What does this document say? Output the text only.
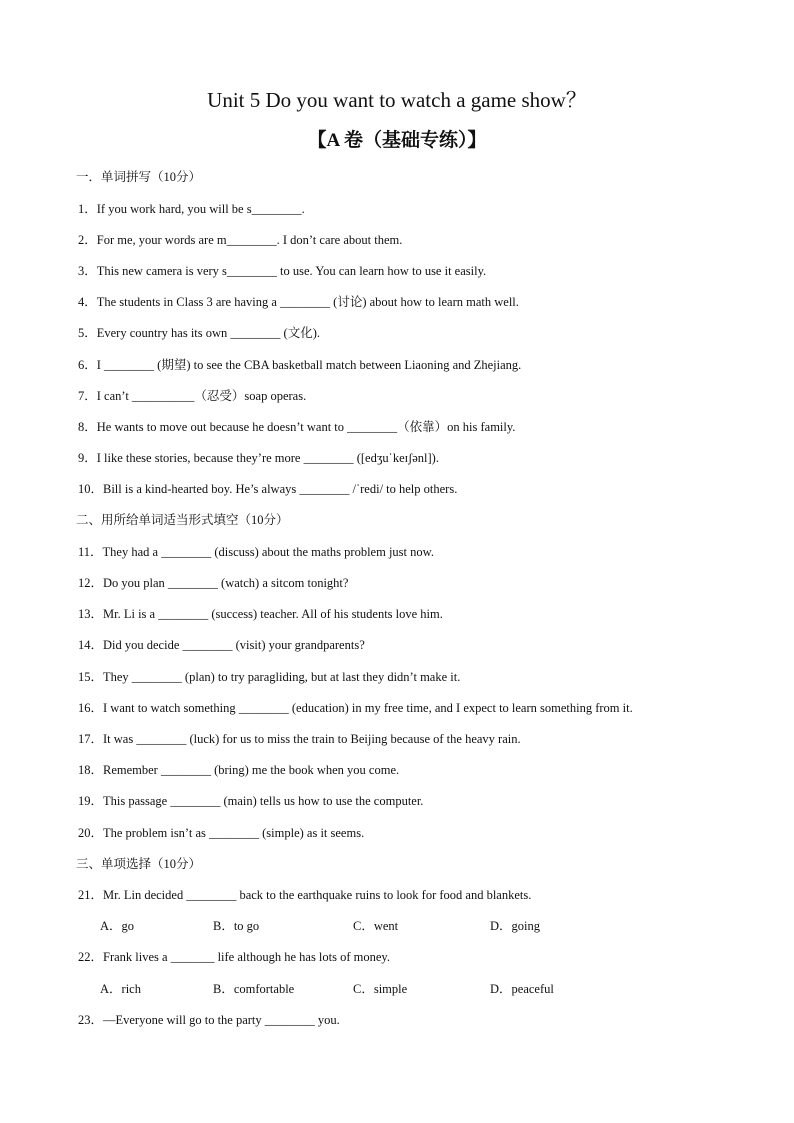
Unit 5 Do you want to watch a game show？
【A 卷（基础专练）】
一．单词拼写（10分）
1．If you work hard, you will be s________.
2．For me, your words are m________. I don’t care about them.
3．This new camera is very s________ to use. You can learn how to use it easily.
4．The students in Class 3 are having a ________ (讨论) about how to learn math well.
5．Every country has its own ________ (文化).
6．I ________ (期望) to see the CBA basketball match between Liaoning and Zhejiang.
7．I can’t __________（忍受）soap operas.
8．He wants to move out because he doesn’t want to ________（依靠）on his family.
9．I like these stories, because they’re more ________ ([edʒuˈkeɪʃənl]).
10．Bill is a kind-hearted boy. He’s always ________ /ˈredi/ to help others.
二、用所给单词适当形式填空（10分）
11．They had a ________ (discuss) about the maths problem just now.
12．Do you plan ________ (watch) a sitcom tonight?
13．Mr. Li is a ________ (success) teacher. All of his students love him.
14．Did you decide ________ (visit) your grandparents?
15．They ________ (plan) to try paragliding, but at last they didn’t make it.
16．I want to watch something ________ (education) in my free time, and I expect to learn something from it.
17．It was ________ (luck) for us to miss the train to Beijing because of the heavy rain.
18．Remember ________ (bring) me the book when you come.
19．This passage ________ (main) tells us how to use the computer.
20．The problem isn’t as ________ (simple) as it seems.
三、单项选择（10分）
21．Mr. Lin decided ________ back to the earthquake ruins to look for food and blankets.
A．go	B．to go	C．went	D．going
22．Frank lives a _______ life although he has lots of money.
A．rich	B．comfortable	C．simple	D．peaceful
23．—Everyone will go to the party ________ you.
